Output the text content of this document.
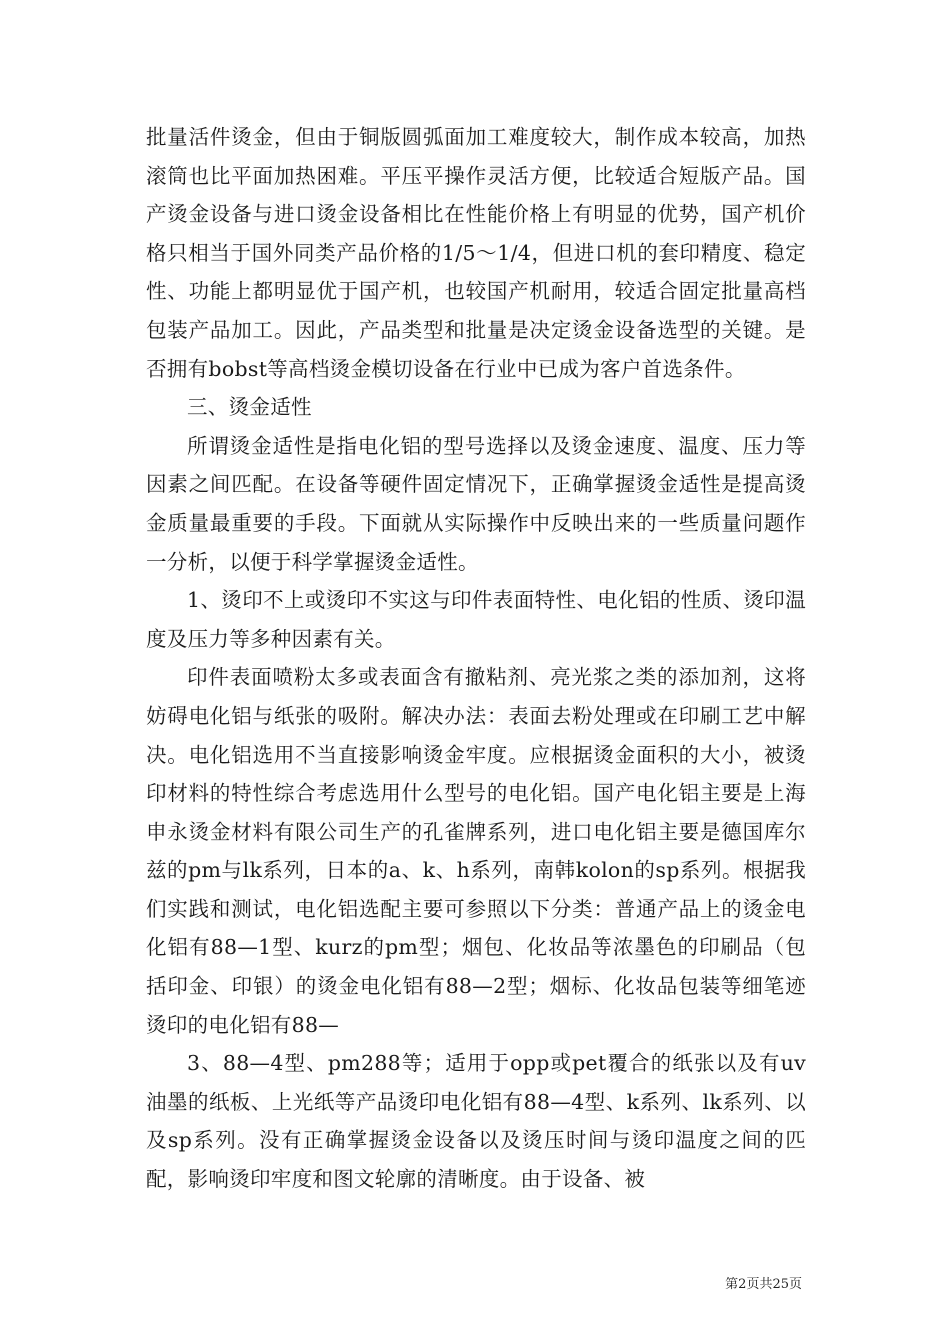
批量活件烫金，但由于铜版圆弧面加工难度较大，制作成本较高，加热滚筒也比平面加热困难。平压平操作灵活方便，比较适合短版产品。国产烫金设备与进口烫金设备相比在性能价格上有明显的优势，国产机价格只相当于国外同类产品价格的1/5～1/4，但进口机的套印精度、稳定性、功能上都明显优于国产机，也较国产机耐用，较适合固定批量高档包装产品加工。因此，产品类型和批量是决定烫金设备选型的关键。是否拥有bobst等高档烫金模切设备在行业中已成为客户首选条件。

三、烫金适性

所谓烫金适性是指电化铝的型号选择以及烫金速度、温度、压力等因素之间匹配。在设备等硬件固定情况下，正确掌握烫金适性是提高烫金质量最重要的手段。下面就从实际操作中反映出来的一些质量问题作一分析，以便于科学掌握烫金适性。

1、烫印不上或烫印不实这与印件表面特性、电化铝的性质、烫印温度及压力等多种因素有关。

印件表面喷粉太多或表面含有撤粘剂、亮光浆之类的添加剂，这将妨碍电化铝与纸张的吸附。解决办法：表面去粉处理或在印刷工艺中解决。电化铝选用不当直接影响烫金牢度。应根据烫金面积的大小，被烫印材料的特性综合考虑选用什么型号的电化铝。国产电化铝主要是上海申永烫金材料有限公司生产的孔雀牌系列，进口电化铝主要是德国库尔兹的pm与lk系列，日本的a、k、h系列，南韩kolon的sp系列。根据我们实践和测试，电化铝选配主要可参照以下分类：普通产品上的烫金电化铝有88—1型、kurz的pm型；烟包、化妆品等浓墨色的印刷品（包括印金、印银）的烫金电化铝有88—2型；烟标、化妆品包装等细笔迹烫印的电化铝有88—

3、88—4型、pm288等；适用于opp或pet覆合的纸张以及有uv油墨的纸板、上光纸等产品烫印电化铝有88—4型、k系列、lk系列、以及sp系列。没有正确掌握烫金设备以及烫压时间与烫印温度之间的匹配，影响烫印牢度和图文轮廓的清晰度。由于设备、被

第2页共25页
